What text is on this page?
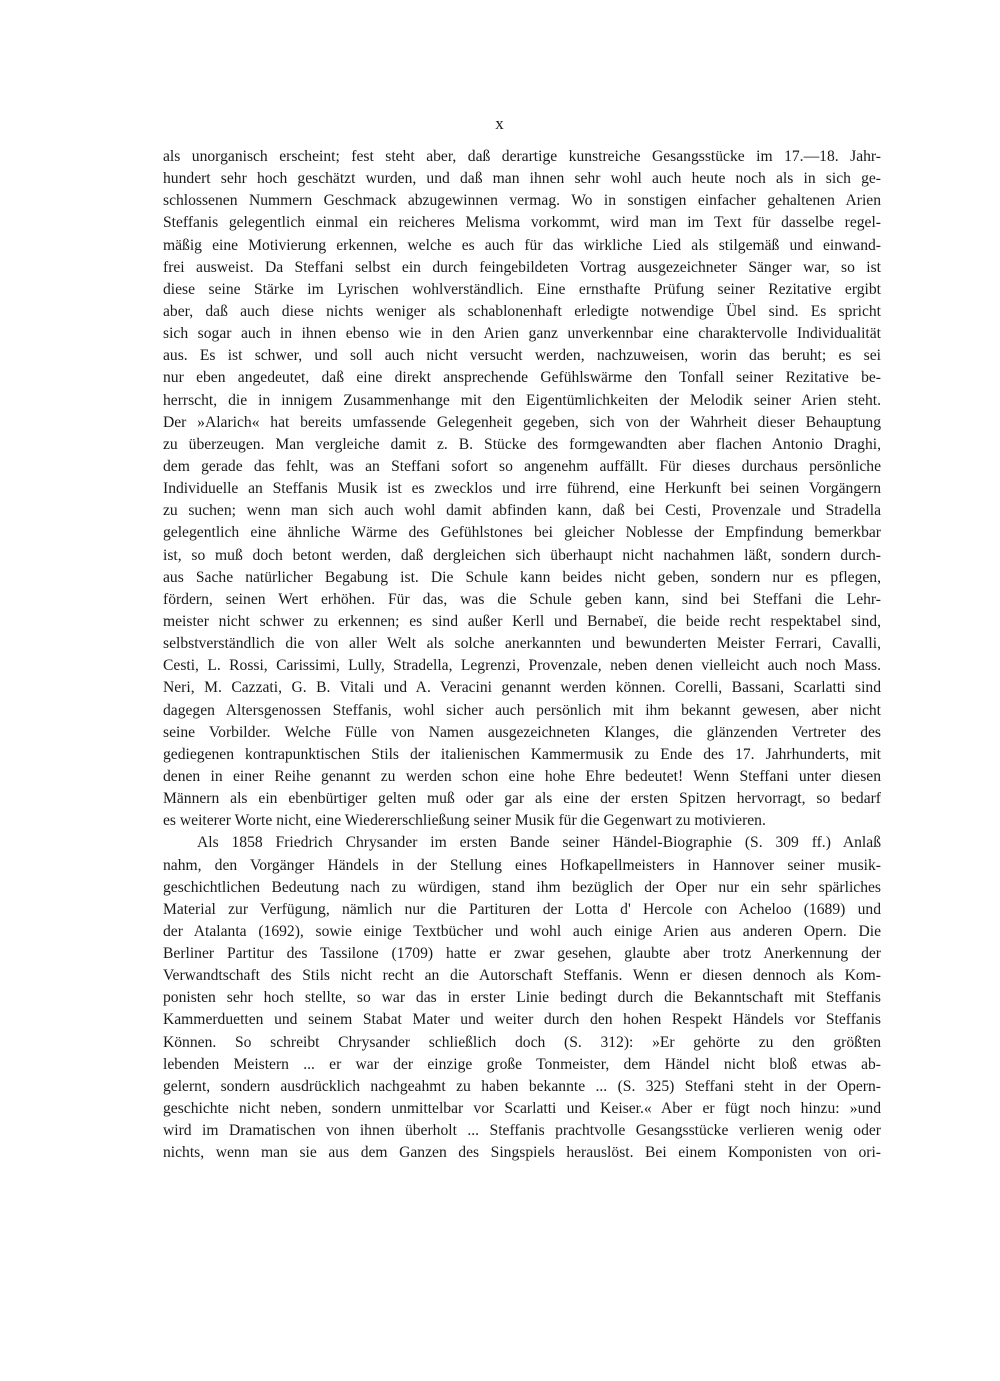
x
als unorganisch erscheint; fest steht aber, daß derartige kunstreiche Gesangsstücke im 17.—18. Jahr-
hundert sehr hoch geschätzt wurden, und daß man ihnen sehr wohl auch heute noch als in sich ge-
schlossenen Nummern Geschmack abzugewinnen vermag. Wo in sonstigen einfacher gehaltenen Arien
Steffanis gelegentlich einmal ein reicheres Melisma vorkommt, wird man im Text für dasselbe regel-
mäßig eine Motivierung erkennen, welche es auch für das wirkliche Lied als stilgemäß und einwand-
frei ausweist. Da Steffani selbst ein durch feingebildeten Vortrag ausgezeichneter Sänger war, so ist
diese seine Stärke im Lyrischen wohlverständlich. Eine ernsthafte Prüfung seiner Rezitative ergibt
aber, daß auch diese nichts weniger als schablonenhaft erledigte notwendige Übel sind. Es spricht
sich sogar auch in ihnen ebenso wie in den Arien ganz unverkennbar eine charaktervolle Individualität
aus. Es ist schwer, und soll auch nicht versucht werden, nachzuweisen, worin das beruht; es sei
nur eben angedeutet, daß eine direkt ansprechende Gefühlswärme den Tonfall seiner Rezitative be-
herrscht, die in innigem Zusammenhange mit den Eigentümlichkeiten der Melodik seiner Arien steht.
Der »Alarich« hat bereits umfassende Gelegenheit gegeben, sich von der Wahrheit dieser Behauptung
zu überzeugen. Man vergleiche damit z. B. Stücke des formgewandten aber flachen Antonio Draghi,
dem gerade das fehlt, was an Steffani sofort so angenehm auffällt. Für dieses durchaus persönliche
Individuelle an Steffanis Musik ist es zwecklos und irre führend, eine Herkunft bei seinen Vorgängern
zu suchen; wenn man sich auch wohl damit abfinden kann, daß bei Cesti, Provenzale und Stradella
gelegentlich eine ähnliche Wärme des Gefühlstones bei gleicher Noblesse der Empfindung bemerkbar
ist, so muß doch betont werden, daß dergleichen sich überhaupt nicht nachahmen läßt, sondern durch-
aus Sache natürlicher Begabung ist. Die Schule kann beides nicht geben, sondern nur es pflegen,
fördern, seinen Wert erhöhen. Für das, was die Schule geben kann, sind bei Steffani die Lehr-
meister nicht schwer zu erkennen; es sind außer Kerll und Bernabeï, die beide recht respektabel sind,
selbstverständlich die von aller Welt als solche anerkannten und bewunderten Meister Ferrari, Cavalli,
Cesti, L. Rossi, Carissimi, Lully, Stradella, Legrenzi, Provenzale, neben denen vielleicht auch noch Mass.
Neri, M. Cazzati, G. B. Vitali und A. Veracini genannt werden können. Corelli, Bassani, Scarlatti sind
dagegen Altersgenossen Steffanis, wohl sicher auch persönlich mit ihm bekannt gewesen, aber nicht
seine Vorbilder. Welche Fülle von Namen ausgezeichneten Klanges, die glänzenden Vertreter des
gediegenen kontrapunktischen Stils der italienischen Kammermusik zu Ende des 17. Jahrhunderts, mit
denen in einer Reihe genannt zu werden schon eine hohe Ehre bedeutet! Wenn Steffani unter diesen
Männern als ein ebenbürtiger gelten muß oder gar als eine der ersten Spitzen hervorragt, so bedarf
es weiterer Worte nicht, eine Wiedererschließung seiner Musik für die Gegenwart zu motivieren.
Als 1858 Friedrich Chrysander im ersten Bande seiner Händel-Biographie (S. 309 ff.) Anlaß
nahm, den Vorgänger Händels in der Stellung eines Hofkapellmeisters in Hannover seiner musik-
geschichtlichen Bedeutung nach zu würdigen, stand ihm bezüglich der Oper nur ein sehr spärliches
Material zur Verfügung, nämlich nur die Partituren der Lotta d' Hercole con Acheloo (1689) und
der Atalanta (1692), sowie einige Textbücher und wohl auch einige Arien aus anderen Opern. Die
Berliner Partitur des Tassilone (1709) hatte er zwar gesehen, glaubte aber trotz Anerkennung der
Verwandtschaft des Stils nicht recht an die Autorschaft Steffanis. Wenn er diesen dennoch als Kom-
ponisten sehr hoch stellte, so war das in erster Linie bedingt durch die Bekanntschaft mit Steffanis
Kammerduetten und seinem Stabat Mater und weiter durch den hohen Respekt Händels vor Steffanis
Können. So schreibt Chrysander schließlich doch (S. 312): »Er gehörte zu den größten
lebenden Meistern ... er war der einzige große Tonmeister, dem Händel nicht bloß etwas ab-
gelernt, sondern ausdrücklich nachgeahmt zu haben bekannte ... (S. 325) Steffani steht in der Opern-
geschichte nicht neben, sondern unmittelbar vor Scarlatti und Keiser.« Aber er fügt noch hinzu: »und
wird im Dramatischen von ihnen überholt ... Steffanis prachtvolle Gesangsstücke verlieren wenig oder
nichts, wenn man sie aus dem Ganzen des Singspiels herauslöst. Bei einem Komponisten von ori-
